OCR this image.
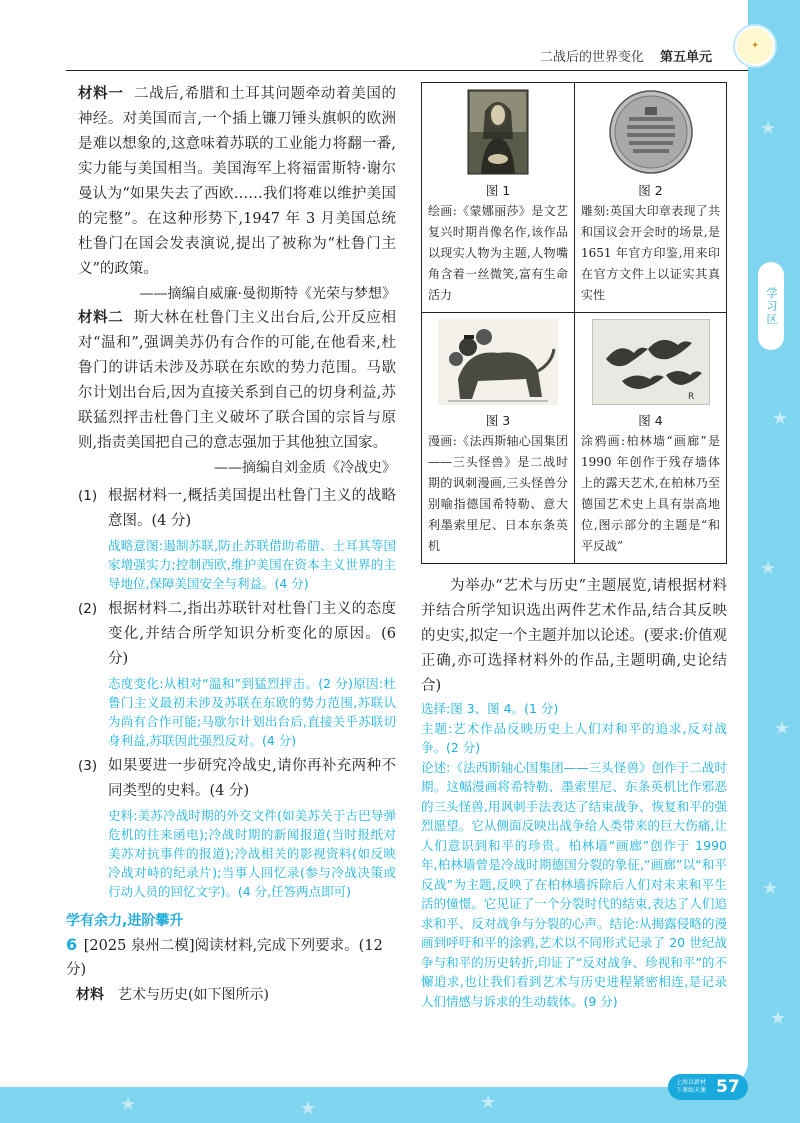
★
★
★
★
★
★
★	★	★
✦
二战后的世界变化 第五单元
学习区

材料一 二战后,希腊和土耳其问题牵动着美国的神经。对美国而言,一个插上镰刀锤头旗帜的欧洲是难以想象的,这意味着苏联的工业能力将翻一番,实力能与美国相当。美国海军上将福雷斯特·谢尔曼认为“如果失去了西欧……我们将难以维护美国的完整”。在这种形势下,1947 年 3 月美国总统杜鲁门在国会发表演说,提出了被称为“杜鲁门主义”的政策。

——摘编自威廉·曼彻斯特《光荣与梦想》

材料二 斯大林在杜鲁门主义出台后,公开反应相对“温和”,强调美苏仍有合作的可能,在他看来,杜鲁门的讲话未涉及苏联在东欧的势力范围。马歇尔计划出台后,因为直接关系到自己的切身利益,苏联猛烈抨击杜鲁门主义破坏了联合国的宗旨与原则,指责美国把自己的意志强加于其他独立国家。

——摘编自刘金质《冷战史》

(1) 根据材料一,概括美国提出杜鲁门主义的战略意图。(4 分)

战略意图:遏制苏联,防止苏联借助希腊、土耳其等国家增强实力;控制西欧,维护美国在资本主义世界的主导地位,保障美国安全与利益。(4 分)

(2) 根据材料二,指出苏联针对杜鲁门主义的态度变化,并结合所学知识分析变化的原因。(6 分)

态度变化:从相对“温和”到猛烈抨击。(2 分)原因:杜鲁门主义最初未涉及苏联在东欧的势力范围,苏联认为尚有合作可能;马歇尔计划出台后,直接关乎苏联切身利益,苏联因此强烈反对。(4 分)

(3) 如果要进一步研究冷战史,请你再补充两种不同类型的史料。(4 分)

史料:美苏冷战时期的外交文件(如美苏关于古巴导弹危机的往来函电);冷战时期的新闻报道(当时报纸对美苏对抗事件的报道);冷战相关的影视资料(如反映冷战对峙的纪录片);当事人回忆录(参与冷战决策或行动人员的回忆文字)。(4 分,任答两点即可)

学有余力,进阶攀升

6 [2025 泉州二模]阅读材料,完成下列要求。(12 分)

材料 艺术与历史(如下图所示)

图 1

绘画:《蒙娜丽莎》是文艺复兴时期肖像名作,该作品以现实人物为主题,人物嘴角含着一丝微笑,富有生命活力

图 2

雕刻:英国大印章表现了共和国议会开会时的场景,是 1651 年官方印鉴,用来印在官方文件上以证实其真实性

图 3

漫画:《法西斯轴心国集团——三头怪兽》是二战时期的讽刺漫画,三头怪兽分别喻指德国希特勒、意大利墨索里尼、日本东条英机

R

图 4

涂鸦画:柏林墙“画廊”是 1990 年创作于残存墙体上的露天艺术,在柏林乃至德国艺术史上具有崇高地位,图示部分的主题是“和平反战”

为举办“艺术与历史”主题展览,请根据材料并结合所学知识选出两件艺术作品,结合其反映的史实,拟定一个主题并加以论述。(要求:价值观正确,亦可选择材料外的作品,主题明确,史论结合)

选择:图 3、图 4。(1 分)

主题:艺术作品反映历史上人们对和平的追求,反对战争。(2 分)

论述:《法西斯轴心国集团——三头怪兽》创作于二战时期。这幅漫画将希特勒、墨索里尼、东条英机比作邪恶的三头怪兽,用讽刺手法表达了结束战争、恢复和平的强烈愿望。它从侧面反映出战争给人类带来的巨大伤痛,让人们意识到和平的珍贵。柏林墙“画廊”创作于 1990 年,柏林墙曾是冷战时期德国分裂的象征,“画廊”以“和平反战”为主题,反映了在柏林墙拆除后人们对未来和平生活的憧憬。它见证了一个分裂时代的结束,表达了人们追求和平、反对战争与分裂的心声。结论:从揭露侵略的漫画到呼吁和平的涂鸦,艺术以不同形式记录了 20 世纪战争与和平的历史转折,印证了“反对战争、珍视和平”的不懈追求,也让我们看到艺术与历史进程紧密相连,是记录人们情感与诉求的生动载体。(9 分)

上海以新材 下课练天课 57
